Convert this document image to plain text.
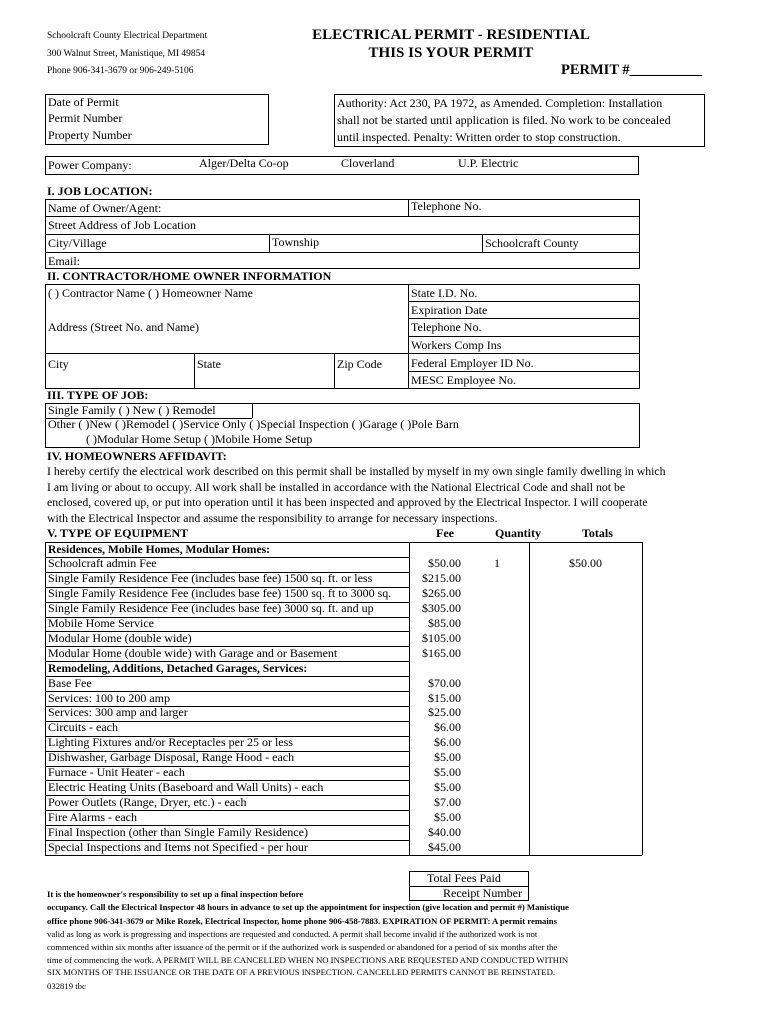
Schoolcraft County Electrical Department
300 Walnut Street, Manistique, MI 49854
Phone 906-341-3679 or 906-249-5106
ELECTRICAL PERMIT - RESIDENTIAL
THIS IS YOUR PERMIT
PERMIT #__________
Date of Permit
Permit Number
Property Number
Authority: Act 230, PA 1972, as Amended. Completion: Installation
shall not be started until application is filed. No work to be concealed
until inspected. Penalty: Written order to stop construction.
Power Company:	Alger/Delta Co-op	Cloverland	U.P. Electric
I. JOB LOCATION:
Name of Owner/Agent:	Telephone No.
Street Address of Job Location
City/Village	Township	Schoolcraft County
Email:
II. CONTRACTOR/HOME OWNER INFORMATION
( ) Contractor Name ( ) Homeowner Name
Address (Street No. and Name)
City	State	Zip Code
State I.D. No.
Expiration Date
Telephone No.
Workers Comp Ins
Federal Employer ID No.
MESC Employee No.
III. TYPE OF JOB:
Single Family ( ) New ( ) Remodel
Other ( )New ( )Remodel ( )Service Only ( )Special Inspection ( )Garage ( )Pole Barn
( )Modular Home Setup ( )Mobile Home Setup
IV. HOMEOWNERS AFFIDAVIT:
I hereby certify the electrical work described on this permit shall be installed by myself in my own single family dwelling in which
I am living or about to occupy. All work shall be installed in accordance with the National Electrical Code and shall not be
enclosed, covered up, or put into operation until it has been inspected and approved by the Electrical Inspector. I will cooperate
with the Electrical Inspector and assume the responsibility to arrange for necessary inspections.
V. TYPE OF EQUIPMENT	Fee	Quantity	Totals
Residences, Mobile Homes, Modular Homes:
Schoolcraft admin Fee	$50.00	1	$50.00
Single Family Residence Fee (includes base fee) 1500 sq. ft. or less	$215.00
Single Family Residence Fee (includes base fee) 1500 sq. ft to 3000 sq.	$265.00
Single Family Residence Fee (includes base fee) 3000 sq. ft. and up	$305.00
Mobile Home Service	$85.00
Modular Home (double wide)	$105.00
Modular Home (double wide) with Garage and or Basement	$165.00
Remodeling, Additions, Detached Garages, Services:
Base Fee	$70.00
Services: 100 to 200 amp	$15.00
Services: 300 amp and larger	$25.00
Circuits - each	$6.00
Lighting Fixtures and/or Receptacles per 25 or less	$6.00
Dishwasher, Garbage Disposal, Range Hood - each	$5.00
Furnace - Unit Heater - each	$5.00
Electric Heating Units (Baseboard and Wall Units) - each	$5.00
Power Outlets (Range, Dryer, etc.) - each	$7.00
Fire Alarms - each	$5.00
Final Inspection (other than Single Family Residence)	$40.00
Special Inspections and Items not Specified - per hour	$45.00
Total Fees Paid
Receipt Number
It is the homeowner's responsibility to set up a final inspection before
occupancy. Call the Electrical Inspector 48 hours in advance to set up the appointment for inspection (give location and permit #) Manistique
office phone 906-341-3679 or Mike Rozek, Electrical Inspector, home phone 906-458-7883. EXPIRATION OF PERMIT: A permit remains
valid as long as work is progressing and inspections are requested and conducted. A permit shall become invalid if the authorized work is not
commenced within six months after issuance of the permit or if the authorized work is suspended or abandoned for a period of six months after the
time of commencing the work. A PERMIT WILL BE CANCELLED WHEN NO INSPECTIONS ARE REQUESTED AND CONDUCTED WITHIN
SIX MONTHS OF THE ISSUANCE OR THE DATE OF A PREVIOUS INSPECTION. CANCELLED PERMITS CANNOT BE REINSTATED.
032819 tbc
